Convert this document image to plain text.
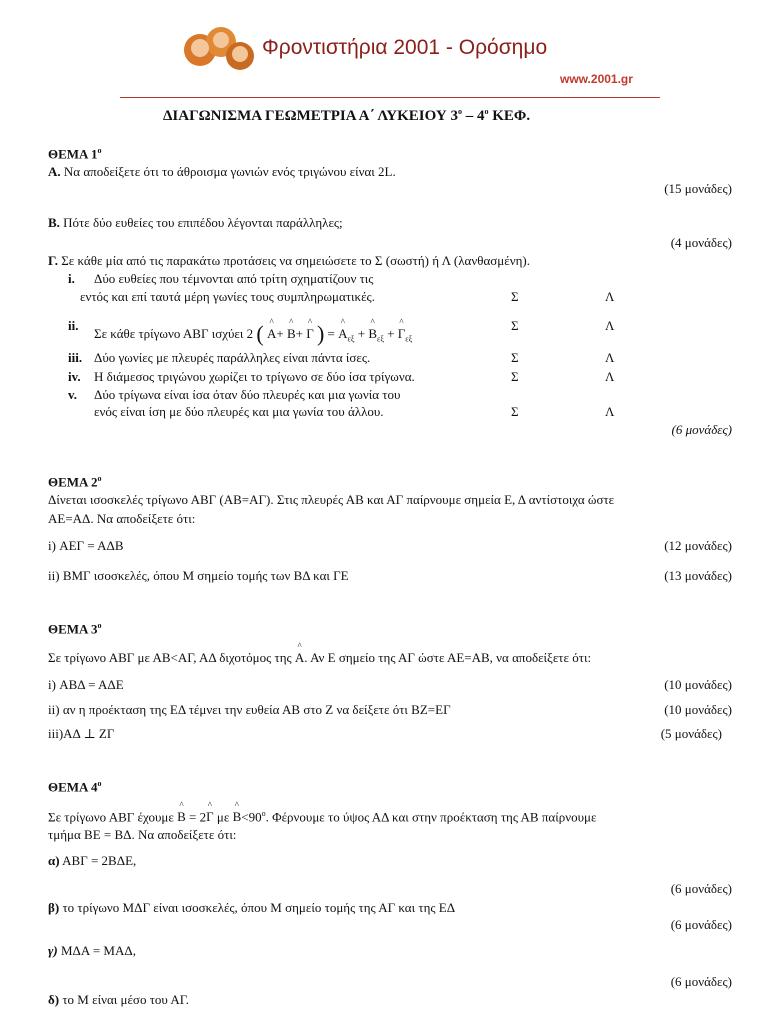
Φροντιστήρια 2001 - Ορόσημο
www.2001.gr
ΔΙΑΓΩΝΙΣΜΑ ΓΕΩΜΕΤΡΙΑ Α΄ ΛΥΚΕΙΟΥ $3^o - 4^o$ ΚΕΦ.
ΘΕΜΑ $1^o$
Α. Να αποδείξετε ότι το άθροισμα γωνιών ενός τριγώνου είναι 2L.
(15 μονάδες)
Β. Πότε δύο ευθείες του επιπέδου λέγονται παράλληλες;
(4 μονάδες)
Γ. Σε κάθε μία από τις παρακάτω προτάσεις να σημειώσετε το Σ (σωστή) ή Λ (λανθασμένη).
i. Δύο ευθείες που τέμνονται από τρίτη σχηματίζουν τις
εντός και επί ταυτά μέρη γωνίες τους συμπληρωματικές.	Σ	Λ
ii.
Σε κάθε τρίγωνο ΑΒΓ ισχύει 2 ( ^ Α+ ^ Β+ ^ Γ ) = ^ $A_{\varepsilon\xi}$ + ^ $B_{\varepsilon\xi}$ + ^ $\Gamma_{\varepsilon\xi}$
Σ	Λ
iii. Δύο γωνίες με πλευρές παράλληλες είναι πάντα ίσες.	Σ	Λ
iv. Η διάμεσος τριγώνου χωρίζει το τρίγωνο σε δύο ίσα τρίγωνα.	Σ	Λ
v. Δύο τρίγωνα είναι ίσα όταν δύο πλευρές και μια γωνία του
ενός είναι ίση με δύο πλευρές και μια γωνία του άλλου.	Σ	Λ
(6 μονάδες)
ΘΕΜΑ $2^o$
Δίνεται ισοσκελές τρίγωνο ΑΒΓ (ΑΒ=ΑΓ). Στις πλευρές ΑΒ και ΑΓ παίρνουμε σημεία Ε, Δ αντίστοιχα ώστε
ΑΕ=ΑΔ. Να αποδείξετε ότι:
i) ΑΕΓ = ΑΔΒ	(12 μονάδες)
ii) ΒΜΓ ισοσκελές, όπου Μ σημείο τομής των ΒΔ και ΓΕ	(13 μονάδες)
ΘΕΜΑ $3^o$
Σε τρίγωνο ΑΒΓ με ΑΒ<ΑΓ, ΑΔ διχοτόμος της ^ Α. Αν Ε σημείο της ΑΓ ώστε ΑΕ=ΑΒ, να αποδείξετε ότι:
i) ΑΒΔ = ΑΔΕ	(10 μονάδες)
ii) αν η προέκταση της ΕΔ τέμνει την ευθεία ΑΒ στο Ζ να δείξετε ότι ΒΖ=ΕΓ	(10 μονάδες)
iii)ΑΔ ⊥ ΖΓ	(5 μονάδες)
ΘΕΜΑ $4^o$
Σε τρίγωνο ΑΒΓ έχουμε ^ Β = 2^ Γ με ^ $B<90^o$. Φέρνουμε το ύψος ΑΔ και στην προέκταση της ΑΒ παίρνουμε
τμήμα ΒΕ = ΒΔ. Να αποδείξετε ότι:
α) ΑΒΓ = 2ΒΔΕ,
(6 μονάδες)
β) το τρίγωνο ΜΔΓ είναι ισοσκελές, όπου Μ σημείο τομής της ΑΓ και της ΕΔ
(6 μονάδες)
γ) ΜΔΑ = ΜΑΔ,
(6 μονάδες)
δ) το Μ είναι μέσο του ΑΓ.
